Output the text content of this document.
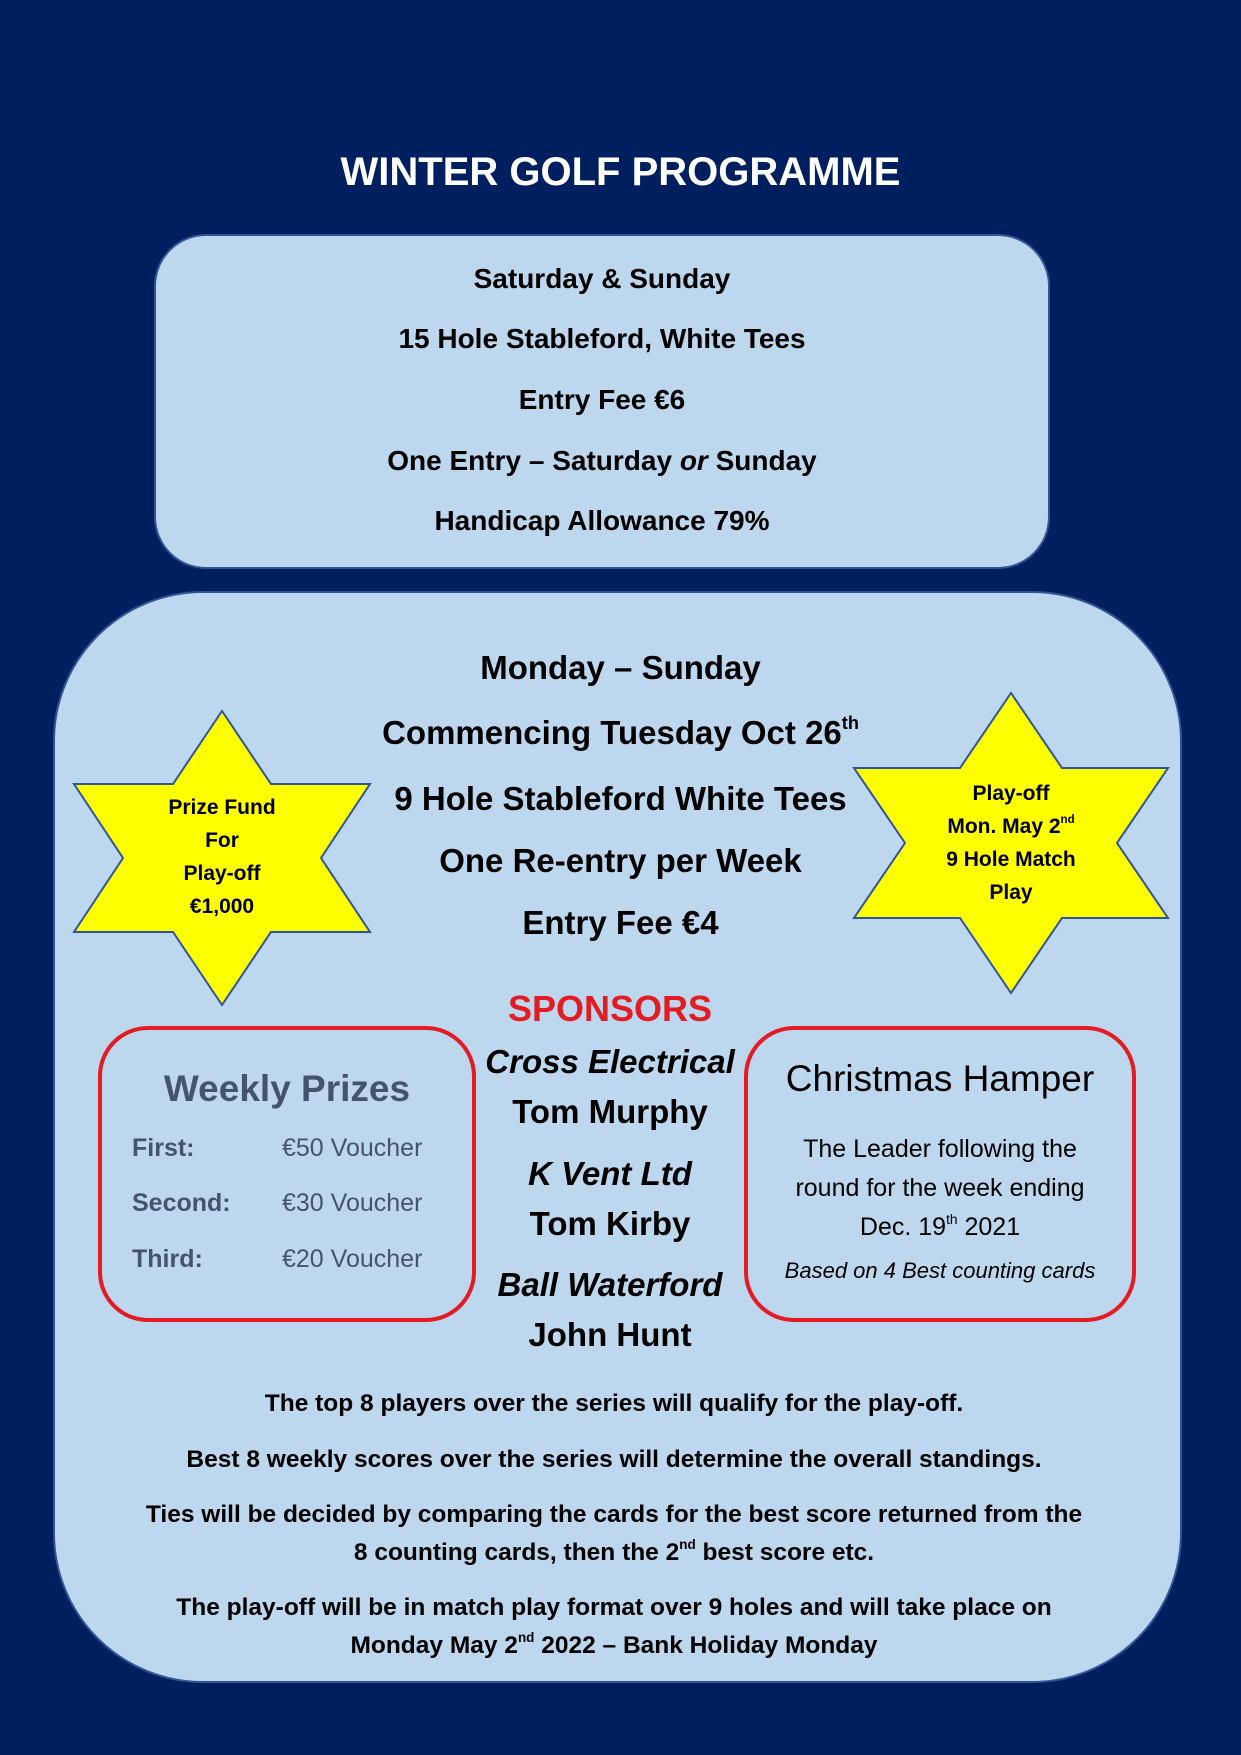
WINTER GOLF PROGRAMME
Saturday & Sunday
15 Hole Stableford, White Tees
Entry Fee €6
One Entry – Saturday or Sunday
Handicap Allowance 79%
Monday – Sunday
Commencing Tuesday Oct 26th
9 Hole Stableford White Tees
One Re-entry per Week
Entry Fee €4
Prize Fund
For
Play-off
€1,000
Play-off
Mon. May 2nd
9 Hole Match
Play
SPONSORS
Cross Electrical
Tom Murphy
K Vent Ltd
Tom Kirby
Ball Waterford
John Hunt
Weekly Prizes
First:	€50 Voucher
Second: €30 Voucher
Third:	€20 Voucher
Christmas Hamper
The Leader following the
round for the week ending
Dec. 19th 2021
Based on 4 Best counting cards
The top 8 players over the series will qualify for the play-off.
Best 8 weekly scores over the series will determine the overall standings.
Ties will be decided by comparing the cards for the best score returned from the
8 counting cards, then the 2nd best score etc.
The play-off will be in match play format over 9 holes and will take place on
Monday May 2nd 2022 – Bank Holiday Monday
